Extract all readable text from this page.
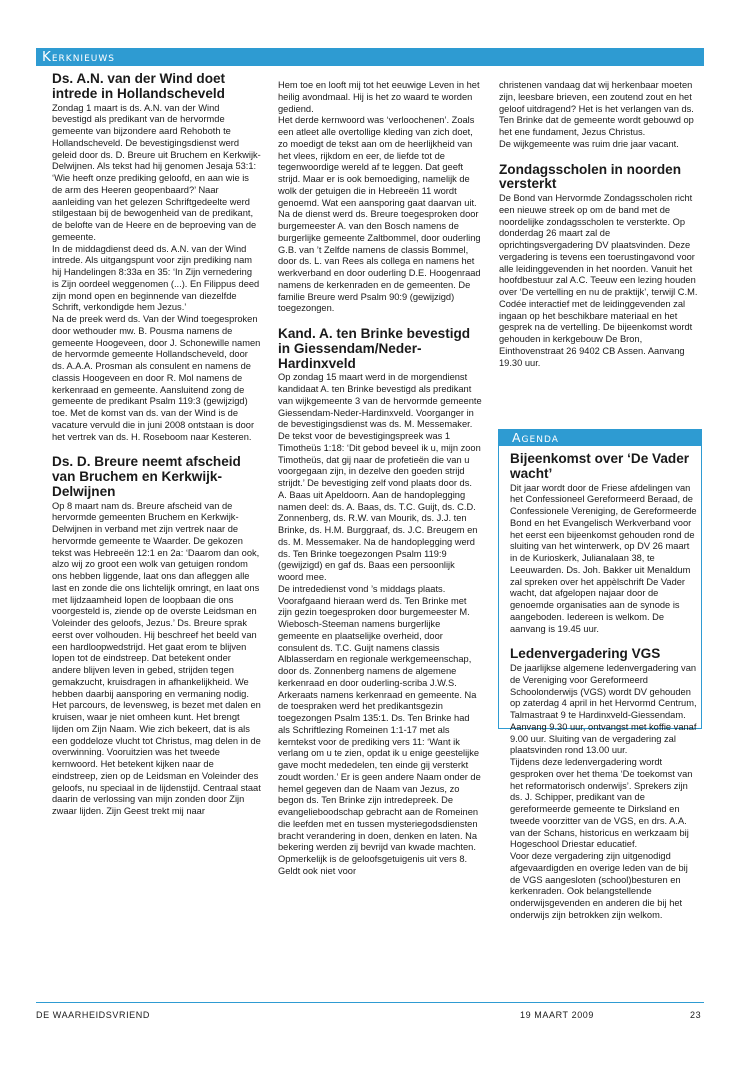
Kerknieuws
Ds. A.N. van der Wind doet intrede in Hollandscheveld

Zondag 1 maart is ds. A.N. van der Wind bevestigd als predikant van de hervormde gemeente van bijzondere aard Rehoboth te Hollandscheveld. De bevestigingsdienst werd geleid door ds. D. Breure uit Bruchem en Kerkwijk-Delwijnen. Als tekst had hij genomen Jesaja 53:1: ‘Wie heeft onze prediking geloofd, en aan wie is de arm des Heeren geopenbaard?’ Naar aanleiding van het gelezen Schriftgedeelte werd stilgestaan bij de bewogenheid van de predikant, de belofte van de Heere en de beproeving van de gemeente.

In de middagdienst deed ds. A.N. van der Wind intrede. Als uitgangspunt voor zijn prediking nam hij Handelingen 8:33a en 35: ‘In Zijn vernedering is Zijn oordeel weggenomen (...). En Filippus deed zijn mond open en beginnende van diezelfde Schrift, verkondigde hem Jezus.’

Na de preek werd ds. Van der Wind toegesproken door wethouder mw. B. Pousma namens de gemeente Hoogeveen, door J. Schonewille namen de hervormde gemeente Hollandscheveld, door ds. A.A.A. Prosman als consulent en namens de classis Hoogeveen en door R. Mol namens de kerkenraad en gemeente. Aansluitend zong de gemeente de predikant Psalm 119:3 (gewijzigd) toe. Met de komst van ds. van der Wind is de vacature vervuld die in juni 2008 ontstaan is door het vertrek van ds. H. Roseboom naar Kesteren.

Ds. D. Breure neemt afscheid van Bruchem en Kerkwijk-Delwijnen

Op 8 maart nam ds. Breure afscheid van de hervormde gemeenten Bruchem en Kerkwijk-Delwijnen in verband met zijn vertrek naar de hervormde gemeente te Waarder. De gekozen tekst was Hebreeën 12:1 en 2a: ‘Daarom dan ook, alzo wij zo groot een wolk van getuigen rondom ons hebben liggende, laat ons dan afleggen alle last en zonde die ons lichtelijk omringt, en laat ons met lijdzaamheid lopen de loopbaan die ons voorgesteld is, ziende op de overste Leidsman en Voleinder des geloofs, Jezus.’ Ds. Breure sprak eerst over volhouden. Hij beschreef het beeld van een hardloopwedstrijd. Het gaat erom te blijven lopen tot de eindstreep. Dat betekent onder andere blijven leven in gebed, strijden tegen gemakzucht, kruisdragen in afhankelijkheid. We hebben daarbij aansporing en vermaning nodig. Het parcours, de levensweg, is bezet met dalen en kruisen, waar je niet omheen kunt. Het brengt lijden om Zijn Naam. Wie zich bekeert, dat is als een goddeloze vlucht tot Christus, mag delen in de overwinning. Vooruitzien was het tweede kernwoord. Het betekent kijken naar de eindstreep, zien op de Leidsman en Voleinder des geloofs, nu speciaal in de lijdenstijd. Centraal staat daarin de verlossing van mijn zonden door Zijn zwaar lijden. Zijn Geest trekt mij naar

Hem toe en looft mij tot het eeuwige Leven in het heilig avondmaal. Hij is het zo waard te worden gediend.

Het derde kernwoord was ‘verloochenen’. Zoals een atleet alle overtollige kleding van zich doet, zo moedigt de tekst aan om de heerlijkheid van het vlees, rijkdom en eer, de liefde tot de tegenwoordige wereld af te leggen. Dat geeft strijd. Maar er is ook bemoediging, namelijk de wolk der getuigen die in Hebreeën 11 wordt genoemd. Wat een aansporing gaat daarvan uit.

Na de dienst werd ds. Breure toegesproken door burgemeester A. van den Bosch namens de burgerlijke gemeente Zaltbommel, door ouderling G.B. van ’t Zelfde namens de classis Bommel, door ds. L. van Rees als collega en namens het werkverband en door ouderling D.E. Hoogenraad namens de kerkenraden en de gemeenten. De familie Breure werd Psalm 90:9 (gewijzigd) toegezongen.

Kand. A. ten Brinke bevestigd in Giessendam/Neder-Hardinxveld

Op zondag 15 maart werd in de morgendienst kandidaat A. ten Brinke bevestigd als predikant van wijkgemeente 3 van de hervormde gemeente Giessendam-Neder-Hardinxveld. Voorganger in de bevestigingsdienst was ds. M. Messemaker. De tekst voor de bevestigingspreek was 1 Timotheüs 1:18: ‘Dit gebod beveel ik u, mijn zoon Timotheüs, dat gij naar de profetieën die van u voorgegaan zijn, in dezelve den goeden strijd strijdt.’ De bevestiging zelf vond plaats door ds. A. Baas uit Apeldoorn. Aan de handoplegging namen deel: ds. A. Baas, ds. T.C. Guijt, ds. C.D. Zonnenberg, ds. R.W. van Mourik, ds. J.J. ten Brinke, ds. H.M. Burggraaf, ds. J.C. Breugem en ds. M. Messemaker. Na de handoplegging werd ds. Ten Brinke toegezongen Psalm 119:9 (gewijzigd) en gaf ds. Baas een persoonlijk woord mee.

De intrededienst vond ’s middags plaats. Voorafgaand hieraan werd ds. Ten Brinke met zijn gezin toegesproken door burgemeester M. Wiebosch-Steeman namens burgerlijke gemeente en plaatselijke overheid, door consulent ds. T.C. Guijt namens classis Alblasserdam en regionale werkgemeenschap, door ds. Zonnenberg namens de algemene kerkenraad en door ouderling-scriba J.W.S. Arkeraats namens kerkenraad en gemeente. Na de toespraken werd het predikantsgezin toegezongen Psalm 135:1. Ds. Ten Brinke had als Schriftlezing Romeinen 1:1-17 met als kerntekst voor de prediking vers 11: ‘Want ik verlang om u te zien, opdat ik u enige geestelijke gave mocht mededelen, ten einde gij versterkt zoudt worden.’ Er is geen andere Naam onder de hemel gegeven dan de Naam van Jezus, zo begon ds. Ten Brinke zijn intredepreek. De evangelieboodschap gebracht aan de Romeinen die leefden met en tussen mysteriegodsdiensten bracht verandering in doen, denken en laten. Na bekering werden zij bevrijd van kwade machten. Opmerkelijk is de geloofsgetuigenis uit vers 8. Geldt ook niet voor

christenen vandaag dat wij herkenbaar moeten zijn, leesbare brieven, een zoutend zout en het geloof uitdragend? Het is het verlangen van ds. Ten Brinke dat de gemeente wordt gebouwd op het ene fundament, Jezus Christus.

De wijkgemeente was ruim drie jaar vacant.

Zondagsscholen in noorden versterkt

De Bond van Hervormde Zondagsscholen richt een nieuwe streek op om de band met de noordelijke zondagsscholen te versterkte. Op donderdag 26 maart zal de oprichtingsvergadering DV plaatsvinden. Deze vergadering is tevens een toerustingavond voor alle leidinggevenden in het noorden. Vanuit het hoofdbestuur zal A.C. Teeuw een lezing houden over ‘De vertelling en nu de praktijk’, terwijl C.M. Codée interactief met de leidinggevenden zal ingaan op het beschikbare materiaal en het gesprek na de vertelling. De bijeenkomst wordt gehouden in kerkgebouw De Bron, Einthovenstraat 26 9402 CB Assen. Aanvang 19.30 uur.

Agenda
Bijeenkomst over ‘De Vader wacht’

Dit jaar wordt door de Friese afdelingen van het Confessioneel Gereformeerd Beraad, de Confessionele Vereniging, de Gereformeerde Bond en het Evangelisch Werkverband voor het eerst een bijeenkomst gehouden rond de sluiting van het winterwerk, op DV 26 maart in de Kurioskerk, Julianalaan 38, te Leeuwarden. Ds. Joh. Bakker uit Menaldum zal spreken over het appèlschrift De Vader wacht, dat afgelopen najaar door de genoemde organisaties aan de synode is aangeboden. Iedereen is welkom. De aanvang is 19.45 uur.

Ledenvergadering VGS

De jaarlijkse algemene ledenvergadering van de Vereniging voor Gereformeerd Schoolonderwijs (VGS) wordt DV gehouden op zaterdag 4 april in het Hervormd Centrum, Talmastraat 9 te Hardinxveld-Giessendam. Aanvang 9.30 uur, ontvangst met koffie vanaf 9.00 uur. Sluiting van de vergadering zal plaatsvinden rond 13.00 uur.

Tijdens deze ledenvergadering wordt gesproken over het thema ‘De toekomst van het reformatorisch onderwijs’. Sprekers zijn ds. J. Schipper, predikant van de gereformeerde gemeente te Dirksland en tweede voorzitter van de VGS, en drs. A.A. van der Schans, historicus en werkzaam bij Hogeschool Driestar educatief.

Voor deze vergadering zijn uitgenodigd afgevaardigden en overige leden van de bij de VGS aangesloten (school)besturen en kerkenraden. Ook belangstellende onderwijsgevenden en anderen die bij het onderwijs zijn betrokken zijn welkom.

DE WAARHEIDSVRIEND	19 MAART 2009	23
